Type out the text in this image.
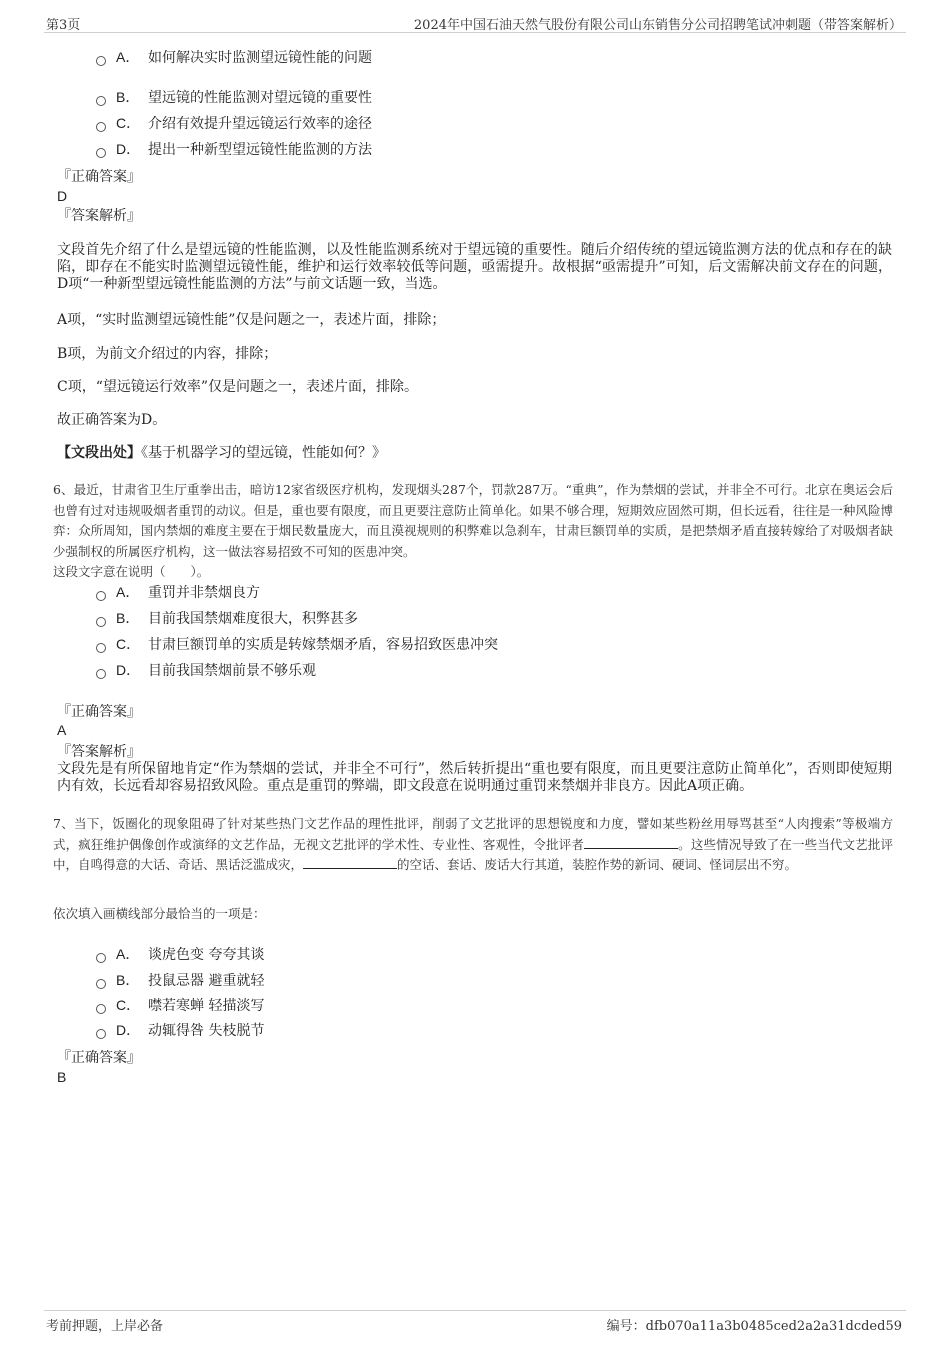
第3页	2024年中国石油天然气股份有限公司山东销售分公司招聘笔试冲刺题（带答案解析）
A． 如何解决实时监测望远镜性能的问题
B． 望远镜的性能监测对望远镜的重要性
C． 介绍有效提升望远镜运行效率的途径
D． 提出一种新型望远镜性能监测的方法
『正确答案』
D
『答案解析』
文段首先介绍了什么是望远镜的性能监测，以及性能监测系统对于望远镜的重要性。随后介绍传统的望远镜监测方法的优点和存在的缺陷，即存在不能实时监测望远镜性能，维护和运行效率较低等问题，亟需提升。故根据“亟需提升”可知，后文需解决前文存在的问题，D项“一种新型望远镜性能监测的方法”与前文话题一致，当选。
A项，“实时监测望远镜性能”仅是问题之一，表述片面，排除；
B项，为前文介绍过的内容，排除；
C项，“望远镜运行效率”仅是问题之一，表述片面，排除。
故正确答案为D。
【文段出处】《基于机器学习的望远镜，性能如何？》
6、最近，甘肃省卫生厅重拳出击，暗访12家省级医疗机构，发现烟头287个，罚款287万。“重典”，作为禁烟的尝试，并非全不可行。北京在奥运会后也曾有过对违规吸烟者重罚的动议。但是，重也要有限度，而且更要注意防止简单化。如果不够合理，短期效应固然可期，但长远看，往往是一种风险博弈：众所周知，国内禁烟的难度主要在于烟民数量庞大，而且漠视规则的积弊难以急刹车，甘肃巨额罚单的实质，是把禁烟矛盾直接转嫁给了对吸烟者缺少强制权的所属医疗机构，这一做法容易招致不可知的医患冲突。
这段文字意在说明（　　）。
A． 重罚并非禁烟良方
B． 目前我国禁烟难度很大，积弊甚多
C． 甘肃巨额罚单的实质是转嫁禁烟矛盾，容易招致医患冲突
D． 目前我国禁烟前景不够乐观
『正确答案』
A
『答案解析』
文段先是有所保留地肯定“作为禁烟的尝试，并非全不可行”，然后转折提出“重也要有限度，而且更要注意防止简单化”，否则即使短期内有效，长远看却容易招致风险。重点是重罚的弊端，即文段意在说明通过重罚来禁烟并非良方。因此A项正确。
7、当下，饭圈化的现象阻碍了针对某些热门文艺作品的理性批评，削弱了文艺批评的思想锐度和力度，譬如某些粉丝用辱骂甚至“人肉搜索”等极端方式，疯狂维护偶像创作或演绎的文艺作品，无视文艺批评的学术性、专业性、客观性，令批评者	。这些情况导致了在一些当代文艺批评中，自鸣得意的大话、奇话、黑话泛滥成灾，	的空话、套话、废话大行其道，装腔作势的新词、硬词、怪词层出不穷。
依次填入画横线部分最恰当的一项是：
A． 谈虎色变 夸夸其谈
B． 投鼠忌器 避重就轻
C． 噤若寒蝉 轻描淡写
D． 动辄得咎 失枝脱节
『正确答案』
B
考前押题，上岸必备	编号：dfb070a11a3b0485ced2a2a31dcded59
